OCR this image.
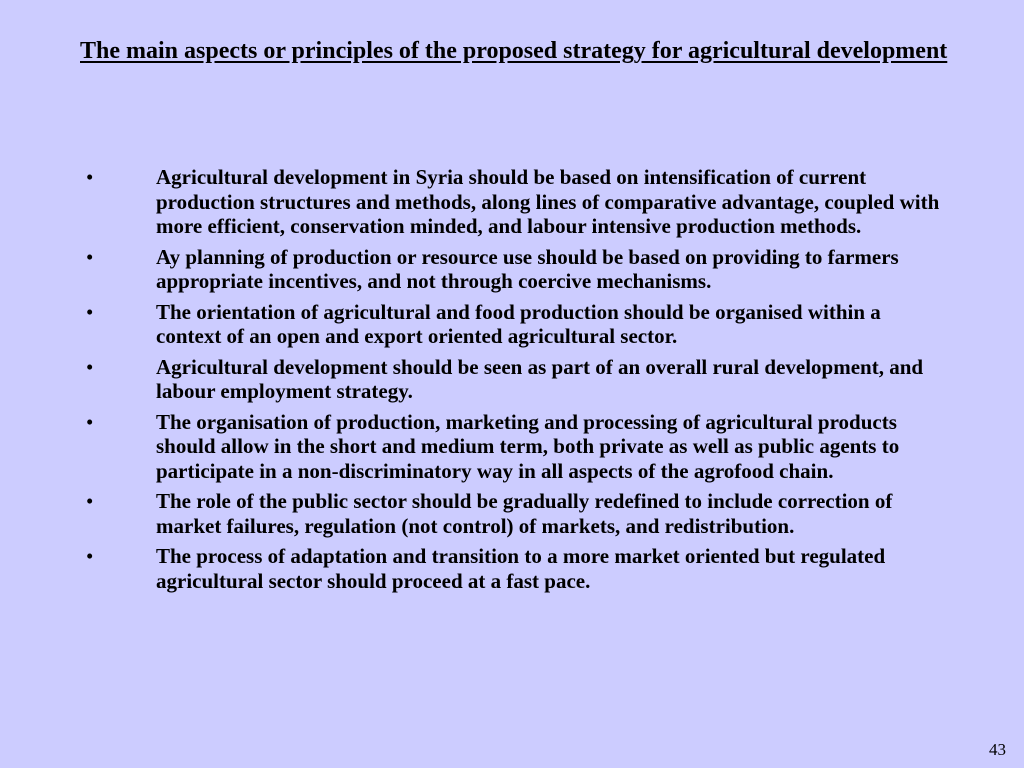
The main aspects or principles of the proposed strategy for agricultural development
•	Agricultural development in Syria should be based on intensification of current production structures and methods, along lines of comparative advantage, coupled with more efficient, conservation minded, and labour intensive production methods.
•	Ay planning of production or resource use should be based on providing to farmers appropriate incentives, and not through coercive mechanisms.
•	The orientation of agricultural and food production should be organised within a context of an open and export oriented agricultural sector.
•	Agricultural development should be seen as part of an overall rural development, and labour employment strategy.
•	The organisation of production, marketing and processing of agricultural products should allow in the short and medium term, both private as well as public agents to participate in a non-discriminatory way in all aspects of the agrofood chain.
•	The role of the public sector should be gradually redefined to include correction of market failures, regulation (not control) of markets, and redistribution.
•	The process of adaptation and transition to a more market oriented but regulated agricultural sector should proceed at a fast pace.
43
